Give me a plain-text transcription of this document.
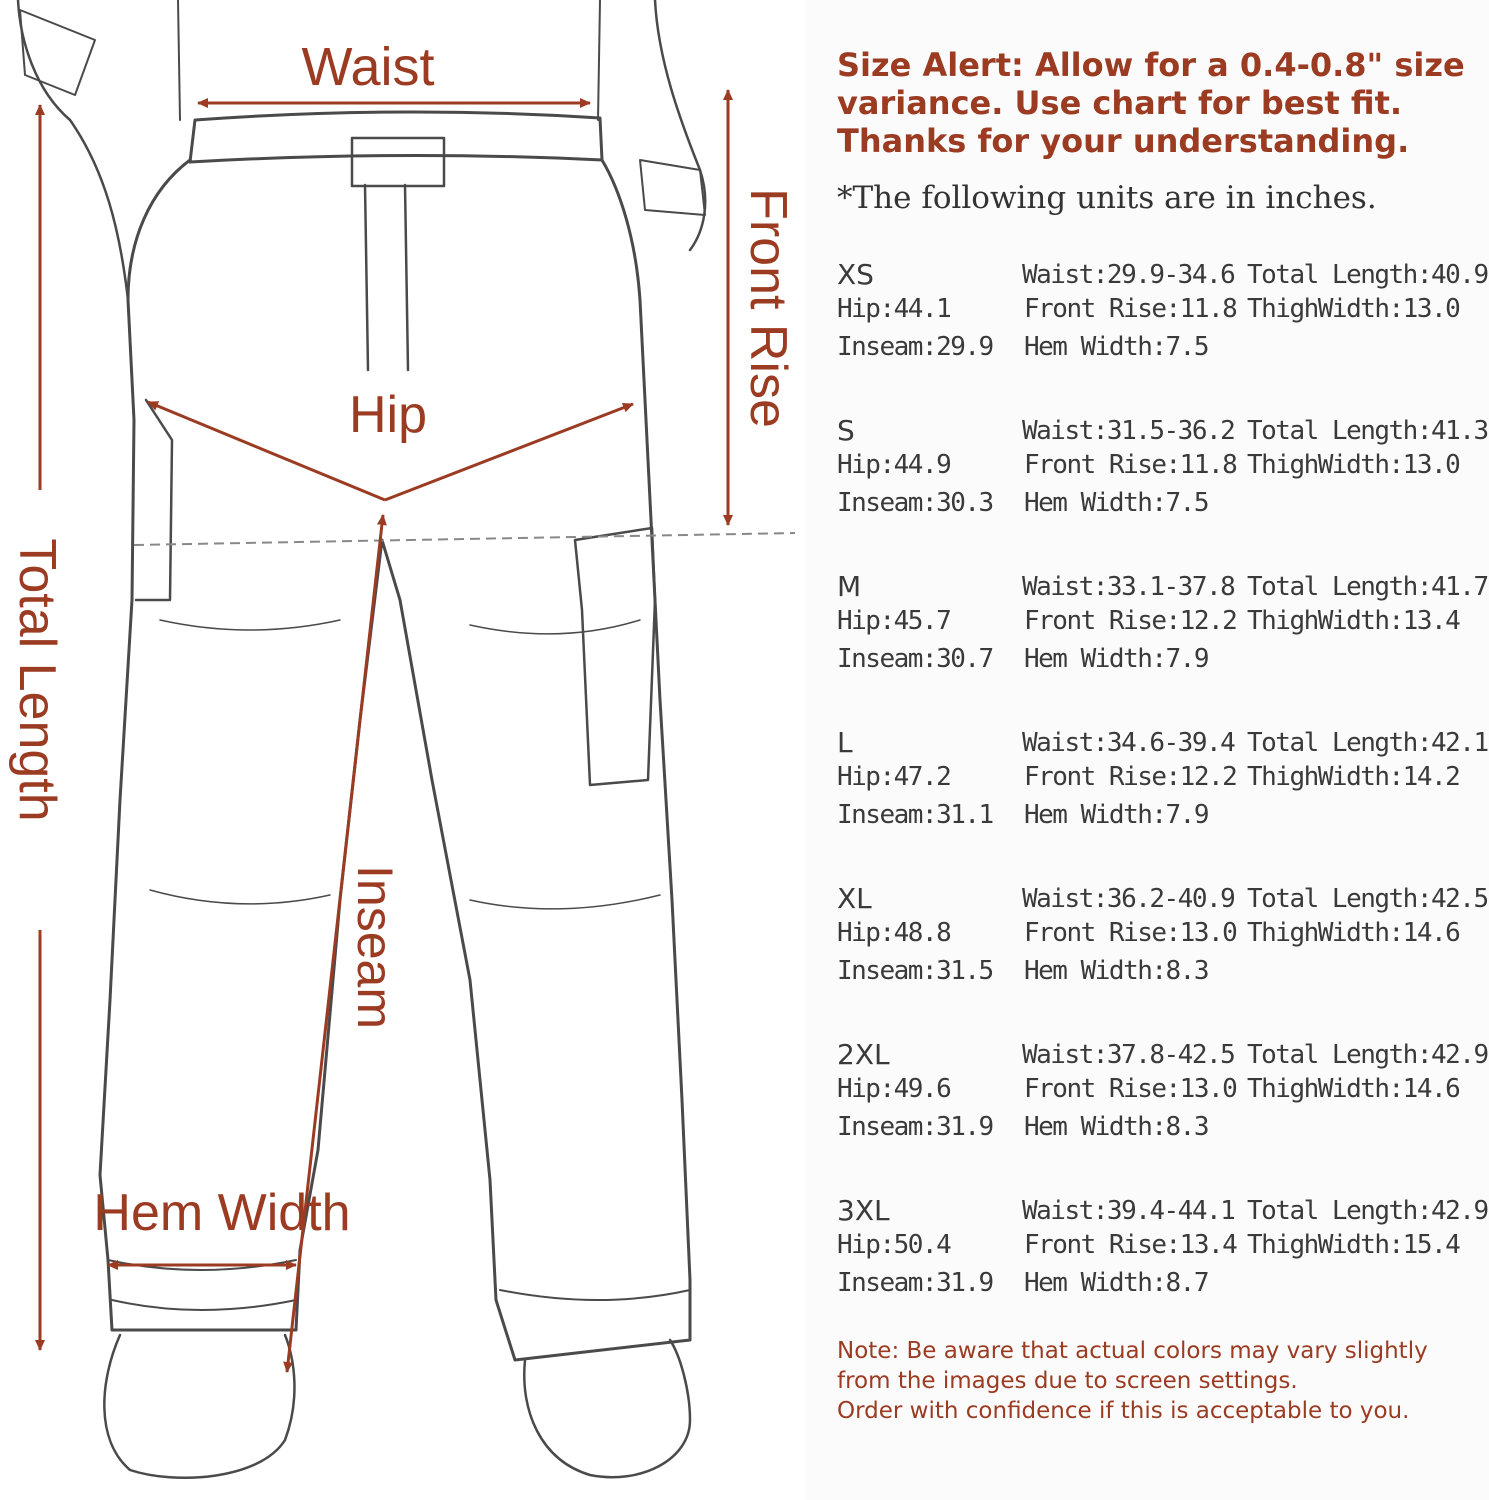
Waist
Hip	Front Rise
Total Length
Inseam
Hem Width
Size Alert: Allow for a 0.4-0.8" size
variance. Use chart for best fit.
Thanks for your understanding.
*The following units are in inches.
XS
Hip:44.1
Inseam:29.9
Waist:29.9-34.6
Front Rise:11.8
Hem Width:7.5
Total Length:40.9
ThighWidth:13.0
S
Hip:44.9
Inseam:30.3
Waist:31.5-36.2
Front Rise:11.8
Hem Width:7.5
Total Length:41.3
ThighWidth:13.0
M
Hip:45.7
Inseam:30.7
Waist:33.1-37.8
Front Rise:12.2
Hem Width:7.9
Total Length:41.7
ThighWidth:13.4
L
Hip:47.2
Inseam:31.1
Waist:34.6-39.4
Front Rise:12.2
Hem Width:7.9
Total Length:42.1
ThighWidth:14.2
XL
Hip:48.8
Inseam:31.5
Waist:36.2-40.9
Front Rise:13.0
Hem Width:8.3
Total Length:42.5
ThighWidth:14.6
2XL
Hip:49.6
Inseam:31.9
Waist:37.8-42.5
Front Rise:13.0
Hem Width:8.3
Total Length:42.9
ThighWidth:14.6
3XL
Hip:50.4
Inseam:31.9
Waist:39.4-44.1
Front Rise:13.4
Hem Width:8.7
Total Length:42.9
ThighWidth:15.4
Note: Be aware that actual colors may vary slightly
from the images due to screen settings.
Order with confidence if this is acceptable to you.
